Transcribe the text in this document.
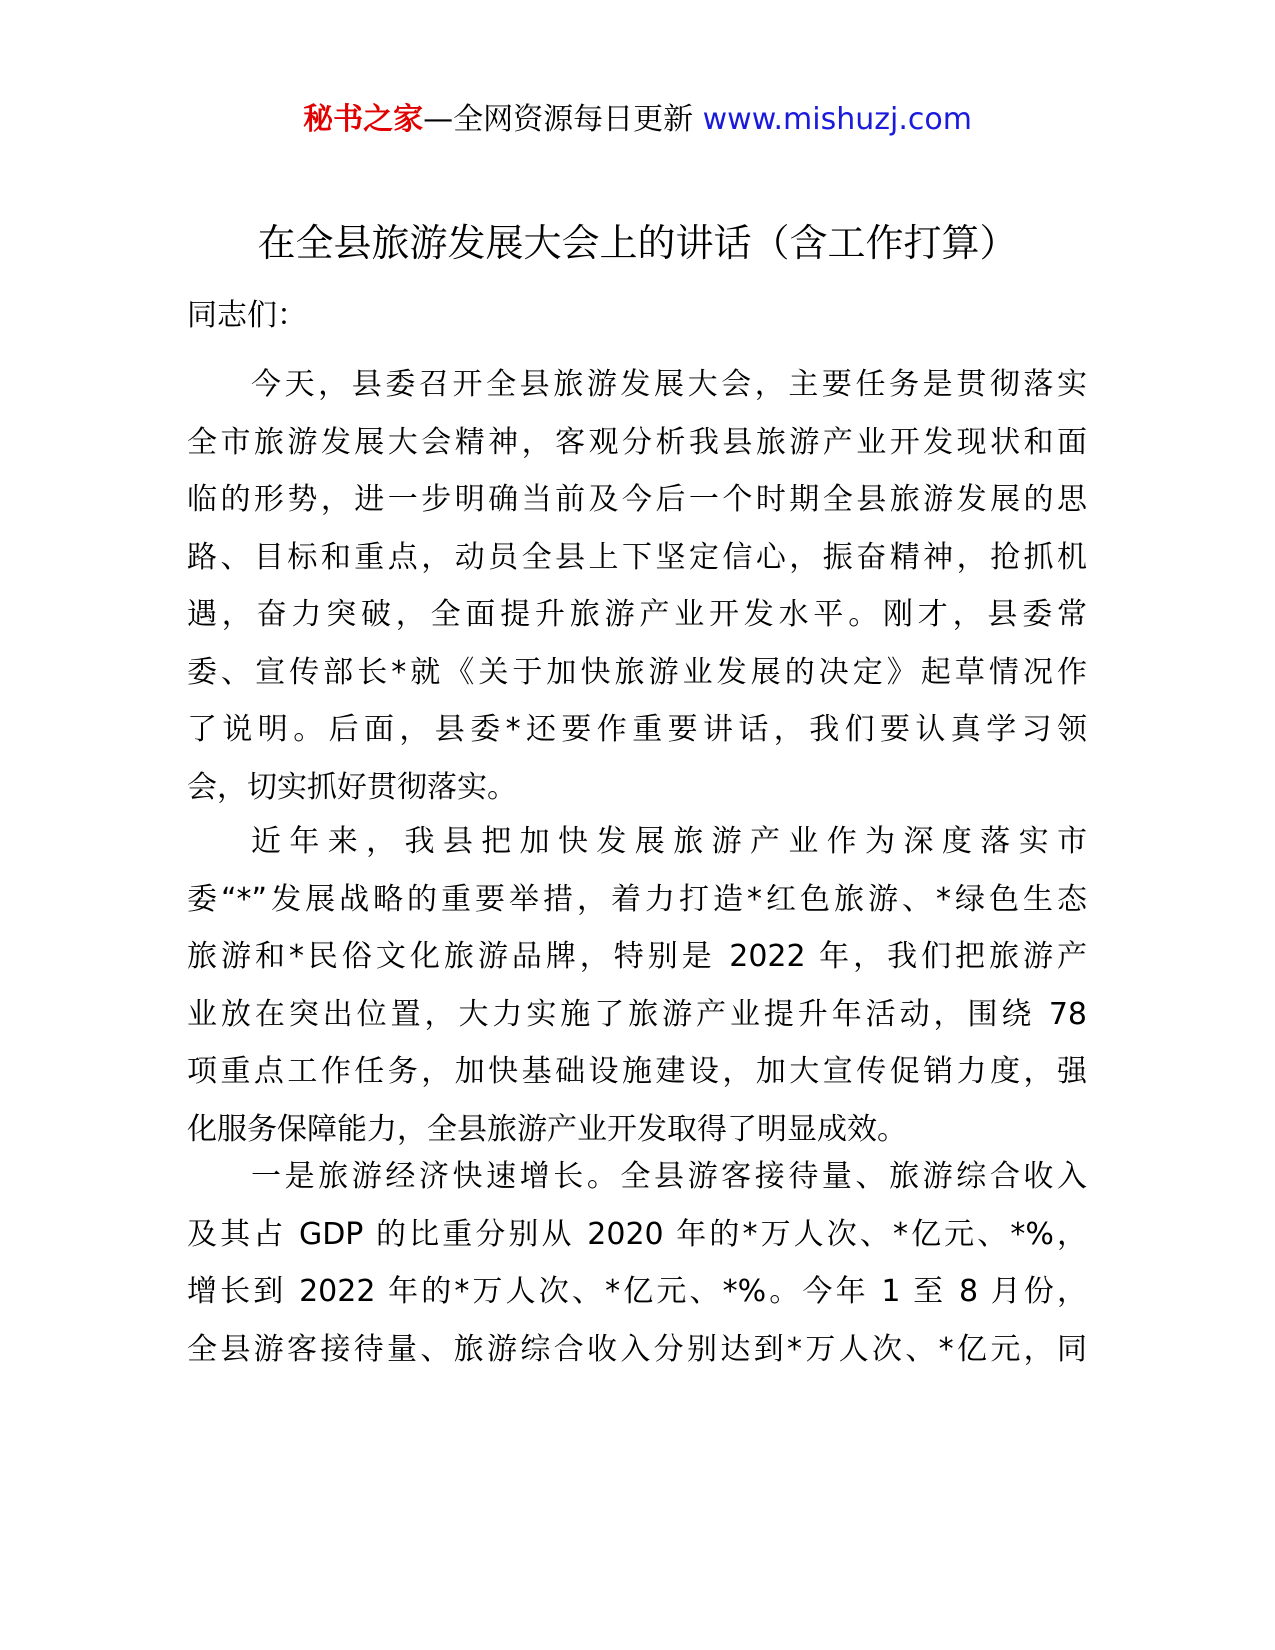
秘书之家—全网资源每日更新 www.mishuzj.com
在全县旅游发展大会上的讲话（含工作打算）
同志们：
今天，县委召开全县旅游发展大会，主要任务是贯彻落实
全市旅游发展大会精神，客观分析我县旅游产业开发现状和面
临的形势，进一步明确当前及今后一个时期全县旅游发展的思
路、目标和重点，动员全县上下坚定信心，振奋精神，抢抓机
遇，奋力突破，全面提升旅游产业开发水平。刚才，县委常
委、宣传部长*就《关于加快旅游业发展的决定》起草情况作
了说明。后面，县委*还要作重要讲话，我们要认真学习领
会，切实抓好贯彻落实。
近年来，我县把加快发展旅游产业作为深度落实市
委“*”发展战略的重要举措，着力打造*红色旅游、*绿色生态
旅游和*民俗文化旅游品牌，特别是 2022 年，我们把旅游产
业放在突出位置，大力实施了旅游产业提升年活动，围绕 78
项重点工作任务，加快基础设施建设，加大宣传促销力度，强
化服务保障能力，全县旅游产业开发取得了明显成效。
一是旅游经济快速增长。全县游客接待量、旅游综合收入
及其占 GDP 的比重分别从 2020 年的*万人次、*亿元、*%，
增长到 2022 年的*万人次、*亿元、*%。今年 1 至 8 月份，
全县游客接待量、旅游综合收入分别达到*万人次、*亿元，同
